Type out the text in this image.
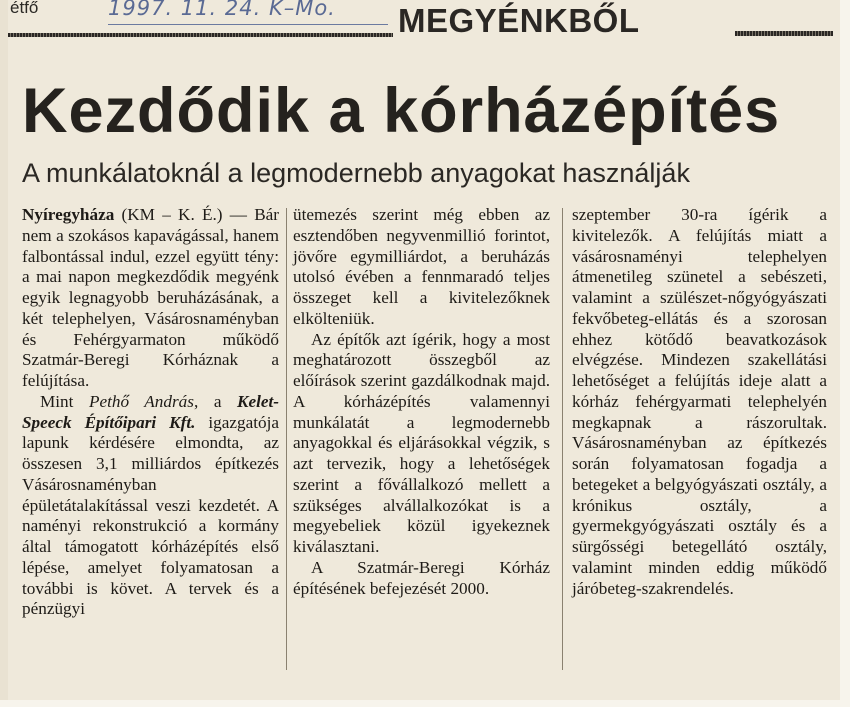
étfő	1997. 11. 24. K–Mo. MEGYÉNKBŐL
Kezdődik a kórházépítés
A munkálatoknál a legmodernebb anyagokat használják

Nyíregyháza (KM – K. É.) — Bár nem a szokásos kapavágással, hanem falbontással indul, ezzel együtt tény: a mai napon megkezdődik megyénk egyik legnagyobb beruházásának, a két telephelyen, Vásárosnaményban és Fehérgyarmaton működő Szatmár-Beregi Kórháznak a felújítása.

Mint Pethő András, a Kelet-Speeck Építőipari Kft. igazgatója lapunk kérdésére elmondta, az összesen 3,1 milliárdos építkezés Vásárosnaményban épületátalakítással veszi kezdetét. A naményi rekonstrukció a kormány által támogatott kórházépítés első lépése, amelyet folyamatosan a további is követ. A tervek és a pénzügyi

ütemezés szerint még ebben az esztendőben negyvenmillió forintot, jövőre egymilliárdot, a beruházás utolsó évében a fennmaradó teljes összeget kell a kivitelezőknek elkölteniük.

Az építők azt ígérik, hogy a most meghatározott összegből az előírások szerint gazdálkodnak majd. A kórházépítés valamennyi munkálatát a legmodernebb anyagokkal és eljárásokkal végzik, s azt tervezik, hogy a lehetőségek szerint a fővállalkozó mellett a szükséges alvállalkozókat is a megyebeliek közül igyekeznek kiválasztani.

A Szatmár-Beregi Kórház építésének befejezését 2000.

szeptember 30-ra ígérik a kivitelezők. A felújítás miatt a vásárosnaményi telephelyen átmenetileg szünetel a sebészeti, valamint a szülészet-nőgyógyászati fekvőbeteg-ellátás és a szorosan ehhez kötődő beavatkozások elvégzése. Mindezen szakellátási lehetőséget a felújítás ideje alatt a kórház fehérgyarmati telephelyén megkapnak a rászorultak. Vásárosnaményban az építkezés során folyamatosan fogadja a betegeket a belgyógyászati osztály, a krónikus osztály, a gyermekgyógyászati osztály és a sürgősségi betegellátó osztály, valamint minden eddig működő járóbeteg-szakrendelés.
